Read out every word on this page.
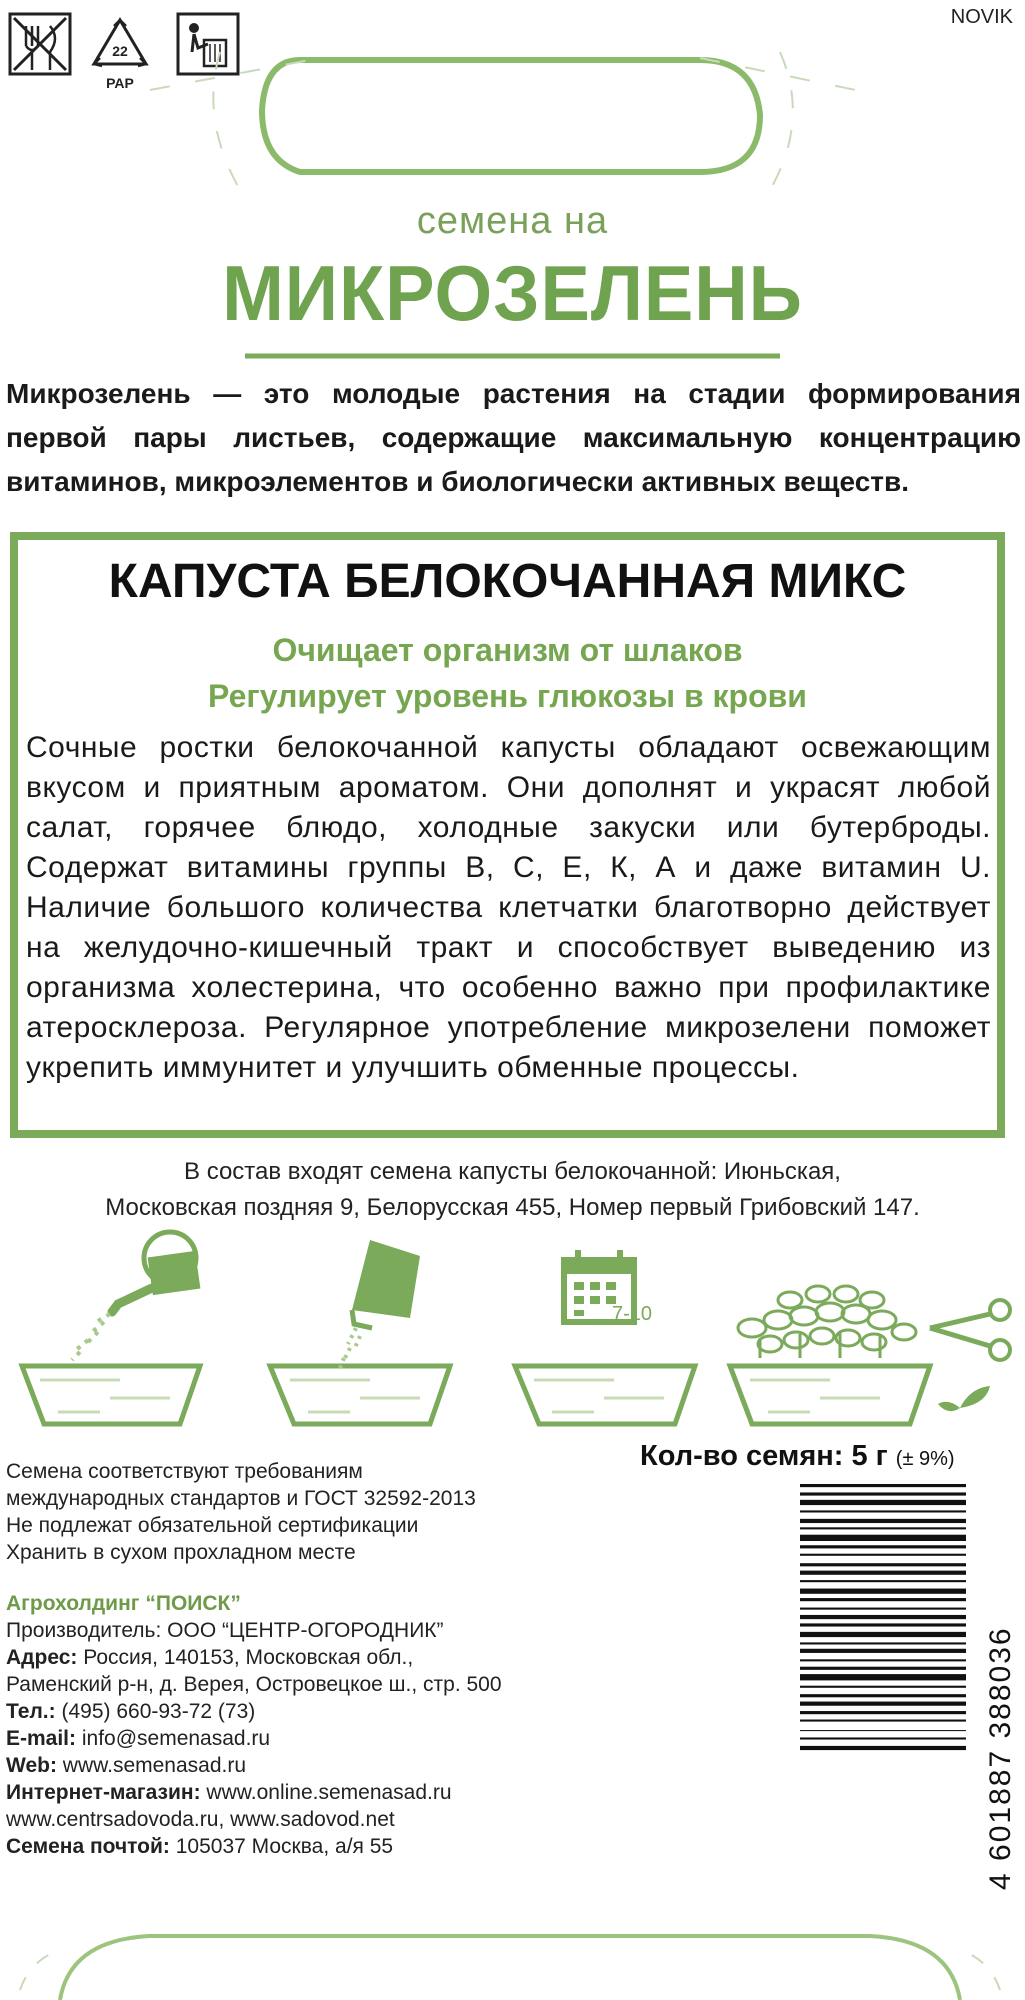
NOVIK
22
PAP
семена на
МИКРОЗЕЛЕНЬ
Микрозелень — это молодые растения на стадии формирования первой пары листьев, содержащие максимальную концентрацию витаминов, микроэлементов и биологически активных веществ.
КАПУСТА БЕЛОКОЧАННАЯ МИКС
Очищает организм от шлаков
Регулирует уровень глюкозы в крови
Сочные ростки белокочанной капусты обладают освежающим вкусом и приятным ароматом. Они дополнят и украсят любой салат, горячее блюдо, холодные закуски или бутерброды. Содержат витамины группы В, С, Е, К, А и даже витамин U. Наличие большого количества клетчатки благотворно действует на желудочно-кишечный тракт и способствует выведению из организма холестерина, что особенно важно при профилактике атеросклероза. Регулярное употребление микрозелени поможет укрепить иммунитет и улучшить обменные процессы.
В состав входят семена капусты белокочанной: Июньская,
Московская поздняя 9, Белорусская 455, Номер первый Грибовский 147.
7-10
Кол-во семян: 5 г (± 9%)
Семена соответствуют требованиям
международных стандартов и ГОСТ 32592-2013
Не подлежат обязательной сертификации
Хранить в сухом прохладном месте
Агрохолдинг “ПОИСК”
Производитель: ООО “ЦЕНТР-ОГОРОДНИК”
Адрес: Россия, 140153, Московская обл.,
Раменский р-н, д. Верея, Островецкое ш., стр. 500
Тел.: (495) 660-93-72 (73)
E-mail: info@semenasad.ru
Web: www.semenasad.ru
Интернет-магазин: www.online.semenasad.ru
www.centrsadovoda.ru, www.sadovod.net
Семена почтой: 105037 Москва, а/я 55	4 601887 388036
